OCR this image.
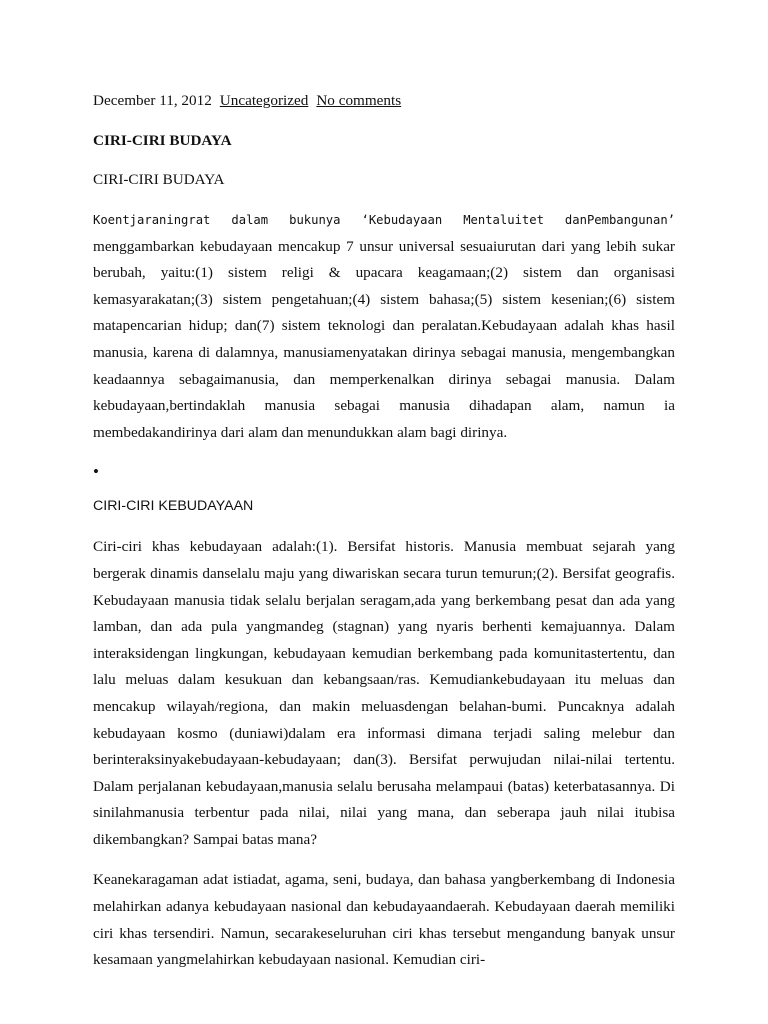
December 11, 2012 Uncategorized No comments
CIRI-CIRI BUDAYA
CIRI-CIRI BUDAYA

Koentjaraningrat dalam bukunya ‘Kebudayaan Mentaluitet danPembangunan’ menggambarkan kebudayaan mencakup 7 unsur universal sesuaiurutan dari yang lebih sukar berubah, yaitu:(1) sistem religi & upacara keagamaan;(2) sistem dan organisasi kemasyarakatan;(3) sistem pengetahuan;(4) sistem bahasa;(5) sistem kesenian;(6) sistem matapencarian hidup; dan(7) sistem teknologi dan peralatan.Kebudayaan adalah khas hasil manusia, karena di dalamnya, manusiamenyatakan dirinya sebagai manusia, mengembangkan keadaannya sebagaimanusia, dan memperkenalkan dirinya sebagai manusia. Dalam kebudayaan,bertindaklah manusia sebagai manusia dihadapan alam, namun ia membedakandirinya dari alam dan menundukkan alam bagi dirinya.

•
CIRI-CIRI KEBUDAYAAN

Ciri-ciri khas kebudayaan adalah:(1). Bersifat historis. Manusia membuat sejarah yang bergerak dinamis danselalu maju yang diwariskan secara turun temurun;(2). Bersifat geografis. Kebudayaan manusia tidak selalu berjalan seragam,ada yang berkembang pesat dan ada yang lamban, dan ada pula yangmandeg (stagnan) yang nyaris berhenti kemajuannya. Dalam interaksidengan lingkungan, kebudayaan kemudian berkembang pada komunitastertentu, dan lalu meluas dalam kesukuan dan kebangsaan/ras. Kemudiankebudayaan itu meluas dan mencakup wilayah/regiona, dan makin meluasdengan belahan-bumi. Puncaknya adalah kebudayaan kosmo (duniawi)dalam era informasi dimana terjadi saling melebur dan berinteraksinyakebudayaan-kebudayaan; dan(3). Bersifat perwujudan nilai-nilai tertentu. Dalam perjalanan kebudayaan,manusia selalu berusaha melampaui (batas) keterbatasannya. Di sinilahmanusia terbentur pada nilai, nilai yang mana, dan seberapa jauh nilai itubisa dikembangkan? Sampai batas mana?

Keanekaragaman adat istiadat, agama, seni, budaya, dan bahasa yangberkembang di Indonesia melahirkan adanya kebudayaan nasional dan kebudayaandaerah. Kebudayaan daerah memiliki ciri khas tersendiri. Namun, secarakeseluruhan ciri khas tersebut mengandung banyak unsur kesamaan yangmelahirkan kebudayaan nasional. Kemudian ciri-
